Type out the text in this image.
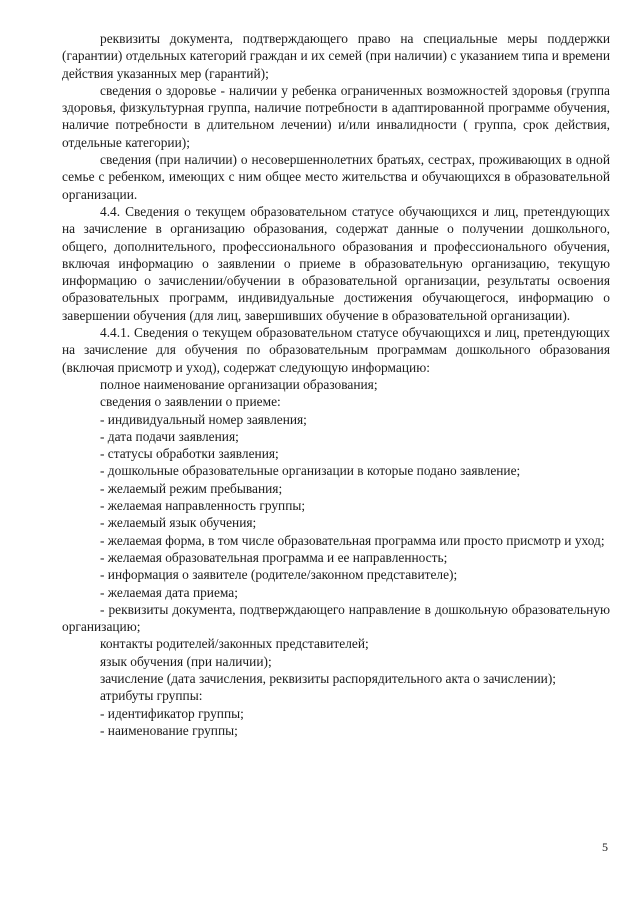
реквизиты документа, подтверждающего право на специальные меры поддержки (гарантии) отдельных категорий граждан и их семей (при наличии) с указанием типа и времени действия указанных мер (гарантий);

сведения о здоровье - наличии у ребенка ограниченных возможностей здоровья (группа здоровья, физкультурная группа, наличие потребности в адаптированной программе обучения, наличие потребности в длительном лечении) и/или инвалидности ( группа, срок действия, отдельные категории);

сведения (при наличии) о несовершеннолетних братьях, сестрах, проживающих в одной семье с ребенком, имеющих с ним общее место жительства и обучающихся в образовательной организации.

4.4. Сведения о текущем образовательном статусе обучающихся и лиц, претендующих на зачисление в организацию образования, содержат данные о получении дошкольного, общего, дополнительного, профессионального образования и профессионального обучения, включая информацию о заявлении о приеме в образовательную организацию, текущую информацию о зачислении/обучении в образовательной организации, результаты освоения образовательных программ, индивидуальные достижения обучающегося, информацию о завершении обучения (для лиц, завершивших обучение в образовательной организации).

4.4.1. Сведения о текущем образовательном статусе обучающихся и лиц, претендующих на зачисление для обучения по образовательным программам дошкольного образования (включая присмотр и уход), содержат следующую информацию:

полное наименование организации образования;

сведения о заявлении о приеме:

- индивидуальный номер заявления;

- дата подачи заявления;

- статусы обработки заявления;

- дошкольные образовательные организации в которые подано заявление;

- желаемый режим пребывания;

- желаемая направленность группы;

- желаемый язык обучения;

- желаемая форма, в том числе образовательная программа или просто присмотр и уход;

- желаемая образовательная программа и ее направленность;

- информация о заявителе (родителе/законном представителе);

- желаемая дата приема;

- реквизиты документа, подтверждающего направление в дошкольную образовательную организацию;

контакты родителей/законных представителей;

язык обучения (при наличии);

зачисление (дата зачисления, реквизиты распорядительного акта о зачислении);

атрибуты группы:

- идентификатор группы;

- наименование группы;

5
